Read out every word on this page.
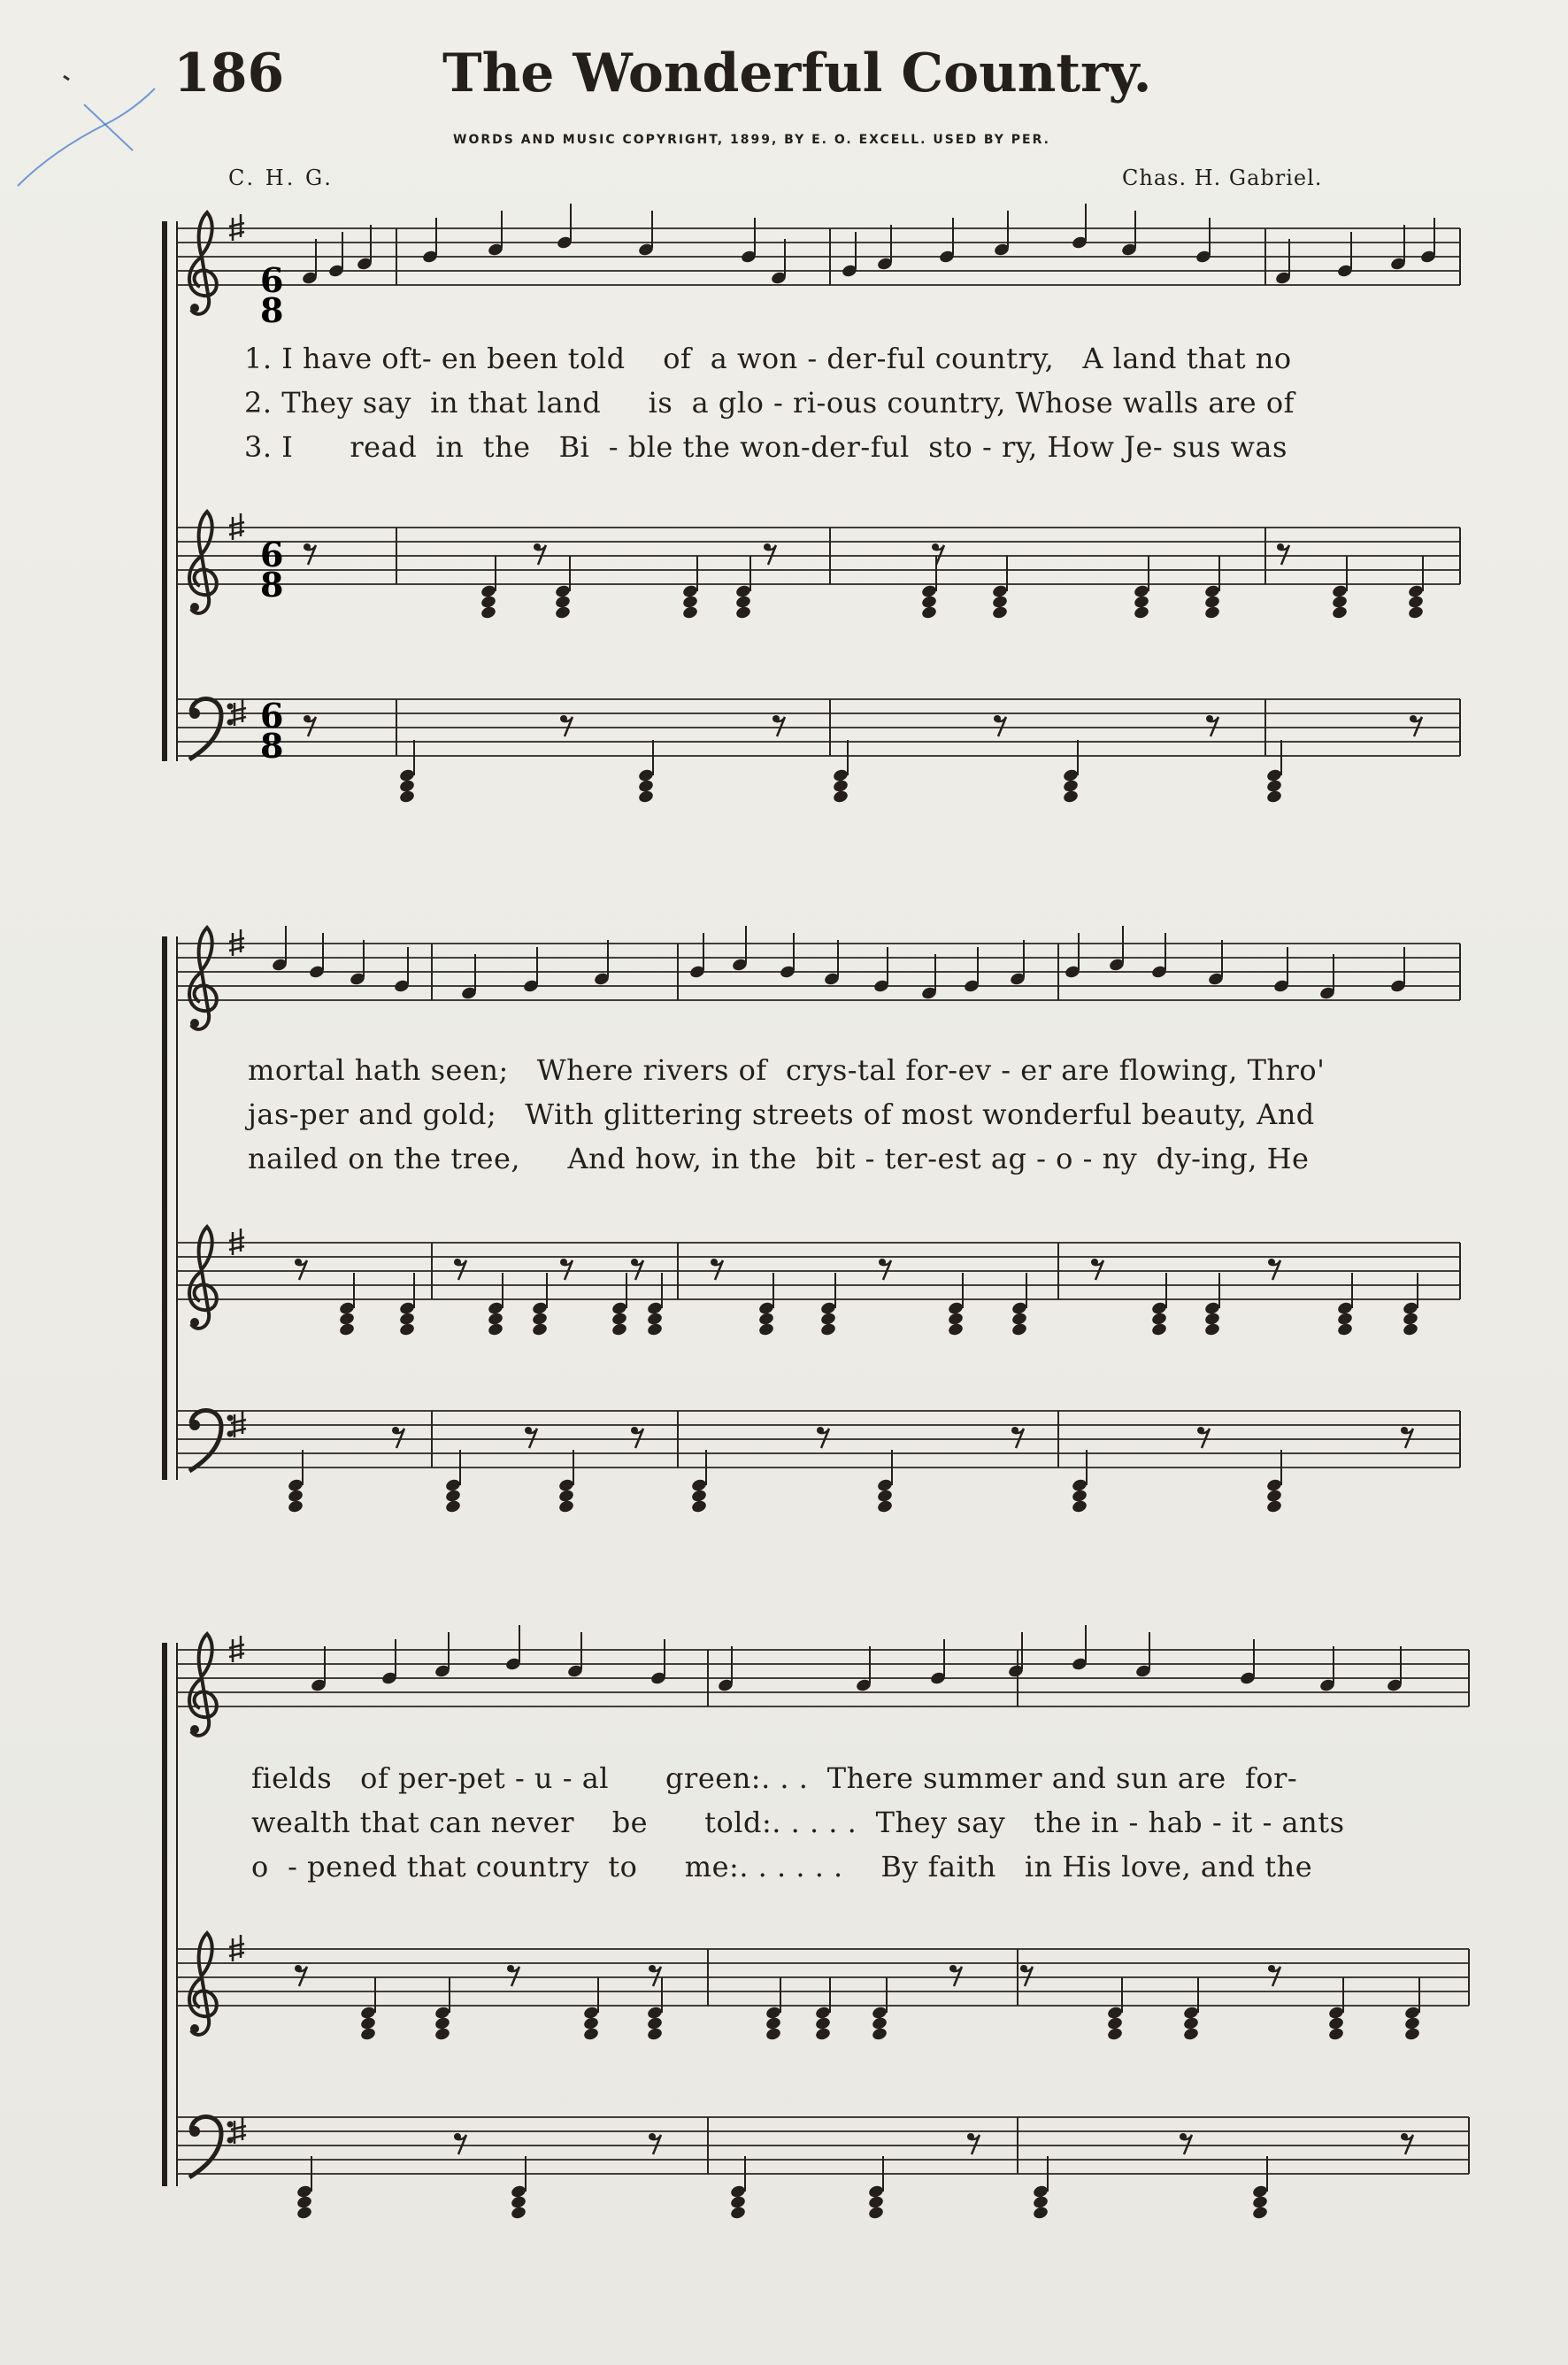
186	The Wonderful Country.
WORDS AND MUSIC COPYRIGHT, 1899, BY E. O. EXCELL. USED BY PER.
C. H. G.	Chas. H. Gabriel.
1. I have oft- en been told    of  a won - der-ful country,   A land that no
2. They say  in that land     is  a glo - ri-ous country, Whose walls are of
3. I      read  in  the   Bi  - ble the won-der-ful  sto - ry, How Je- sus was
mortal hath seen;   Where rivers of  crys-tal for-ev - er are flowing, Thro'
jas-per and gold;   With glittering streets of most wonderful beauty, And
nailed on the tree,     And how, in the  bit - ter-est ag - o - ny  dy-ing, He
fields   of per-pet - u - al      green:. . .  There summer and sun are  for-
wealth that can never    be      told:. . . . .  They say   the in - hab - it - ants
o  - pened that country  to     me:. . . . . .    By faith   in His love, and the
6
8
6
8
6
8
